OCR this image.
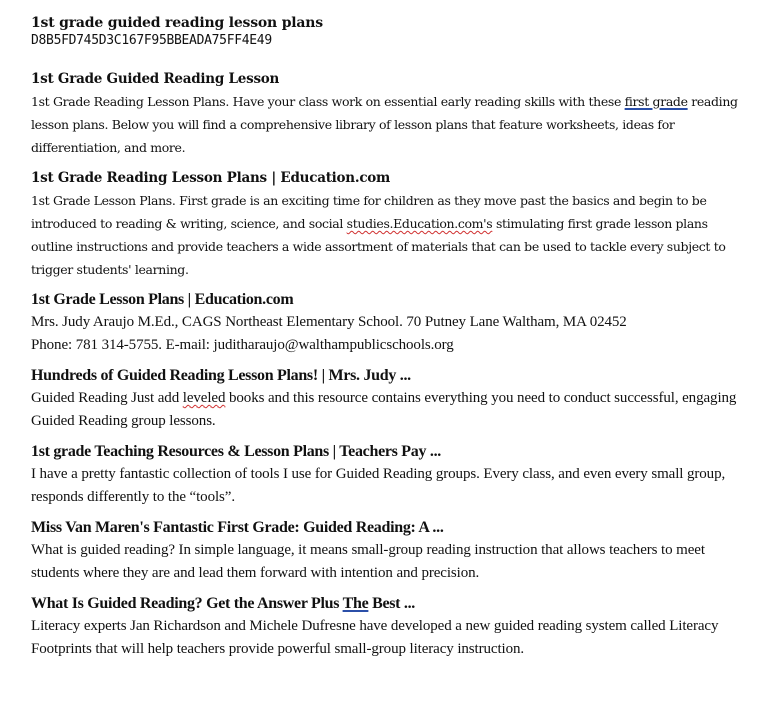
1st grade guided reading lesson plans

D8B5FD745D3C167F95BBEADA75FF4E49

1st Grade Guided Reading Lesson

1st Grade Reading Lesson Plans. Have your class work on essential early reading skills with these first grade reading lesson plans. Below you will find a comprehensive library of lesson plans that feature worksheets, ideas for differentiation, and more.

1st Grade Reading Lesson Plans | Education.com

1st Grade Lesson Plans. First grade is an exciting time for children as they move past the basics and begin to be introduced to reading & writing, science, and social studies.Education.com's stimulating first grade lesson plans outline instructions and provide teachers a wide assortment of materials that can be used to tackle every subject to trigger students' learning.

1st Grade Lesson Plans | Education.com

Mrs. Judy Araujo M.Ed., CAGS Northeast Elementary School. 70 Putney Lane Waltham, MA 02452

Phone: 781 314-5755. E-mail: juditharaujo@walthampublicschools.org

Hundreds of Guided Reading Lesson Plans! | Mrs. Judy ...

Guided Reading Just add leveled books and this resource contains everything you need to conduct successful, engaging Guided Reading group lessons.

1st grade Teaching Resources & Lesson Plans | Teachers Pay ...

I have a pretty fantastic collection of tools I use for Guided Reading groups. Every class, and even every small group, responds differently to the “tools”.

Miss Van Maren's Fantastic First Grade: Guided Reading: A ...

What is guided reading? In simple language, it means small-group reading instruction that allows teachers to meet students where they are and lead them forward with intention and precision.

What Is Guided Reading? Get the Answer Plus The Best ...

Literacy experts Jan Richardson and Michele Dufresne have developed a new guided reading system called Literacy Footprints that will help teachers provide powerful small-group literacy instruction.
